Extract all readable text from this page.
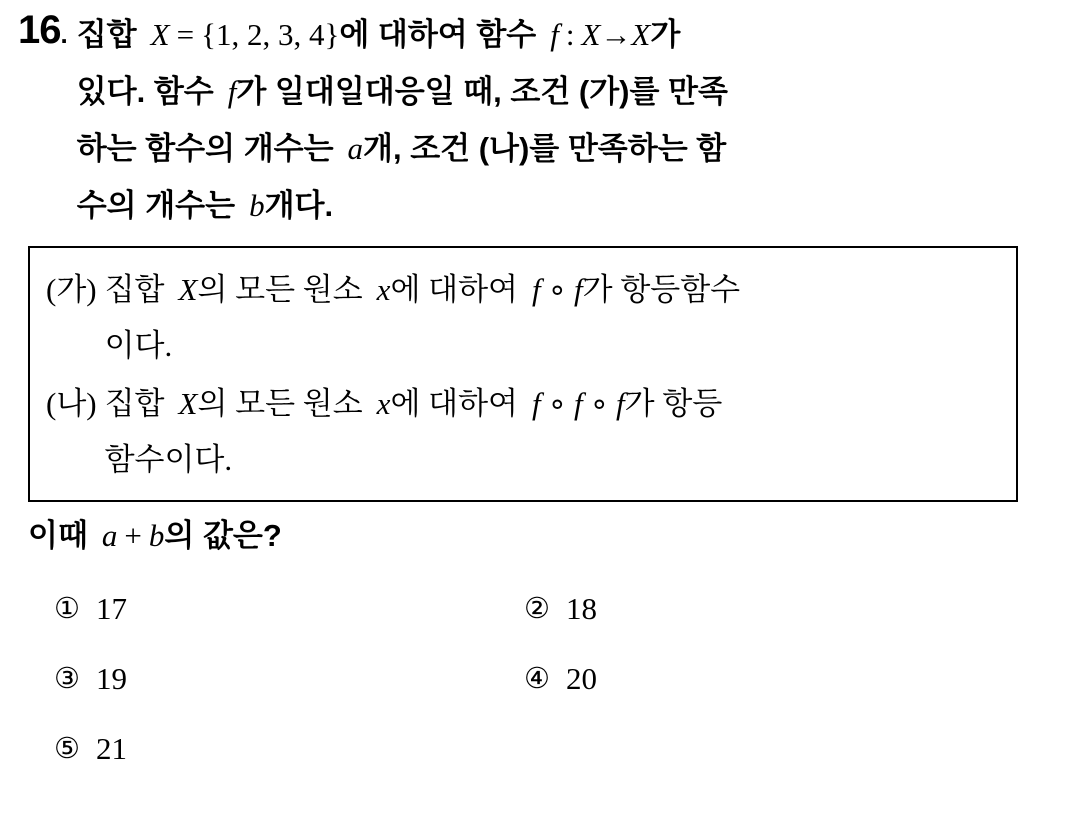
16. 집합 X = {1, 2, 3, 4}에 대하여 함수 f : X→X가
있다. 함수 f가 일대일대응일 때, 조건 (가)를 만족
하는 함수의 개수는 a개, 조건 (나)를 만족하는 함
수의 개수는 b개다.
(가) 집합 X의 모든 원소 x에 대하여 f ∘ f가 항등함수
이다.
(나) 집합 X의 모든 원소 x에 대하여 f ∘ f ∘ f가 항등
함수이다.
이때 a + b의 값은?
① 17	② 18
③ 19	④ 20
⑤ 21
